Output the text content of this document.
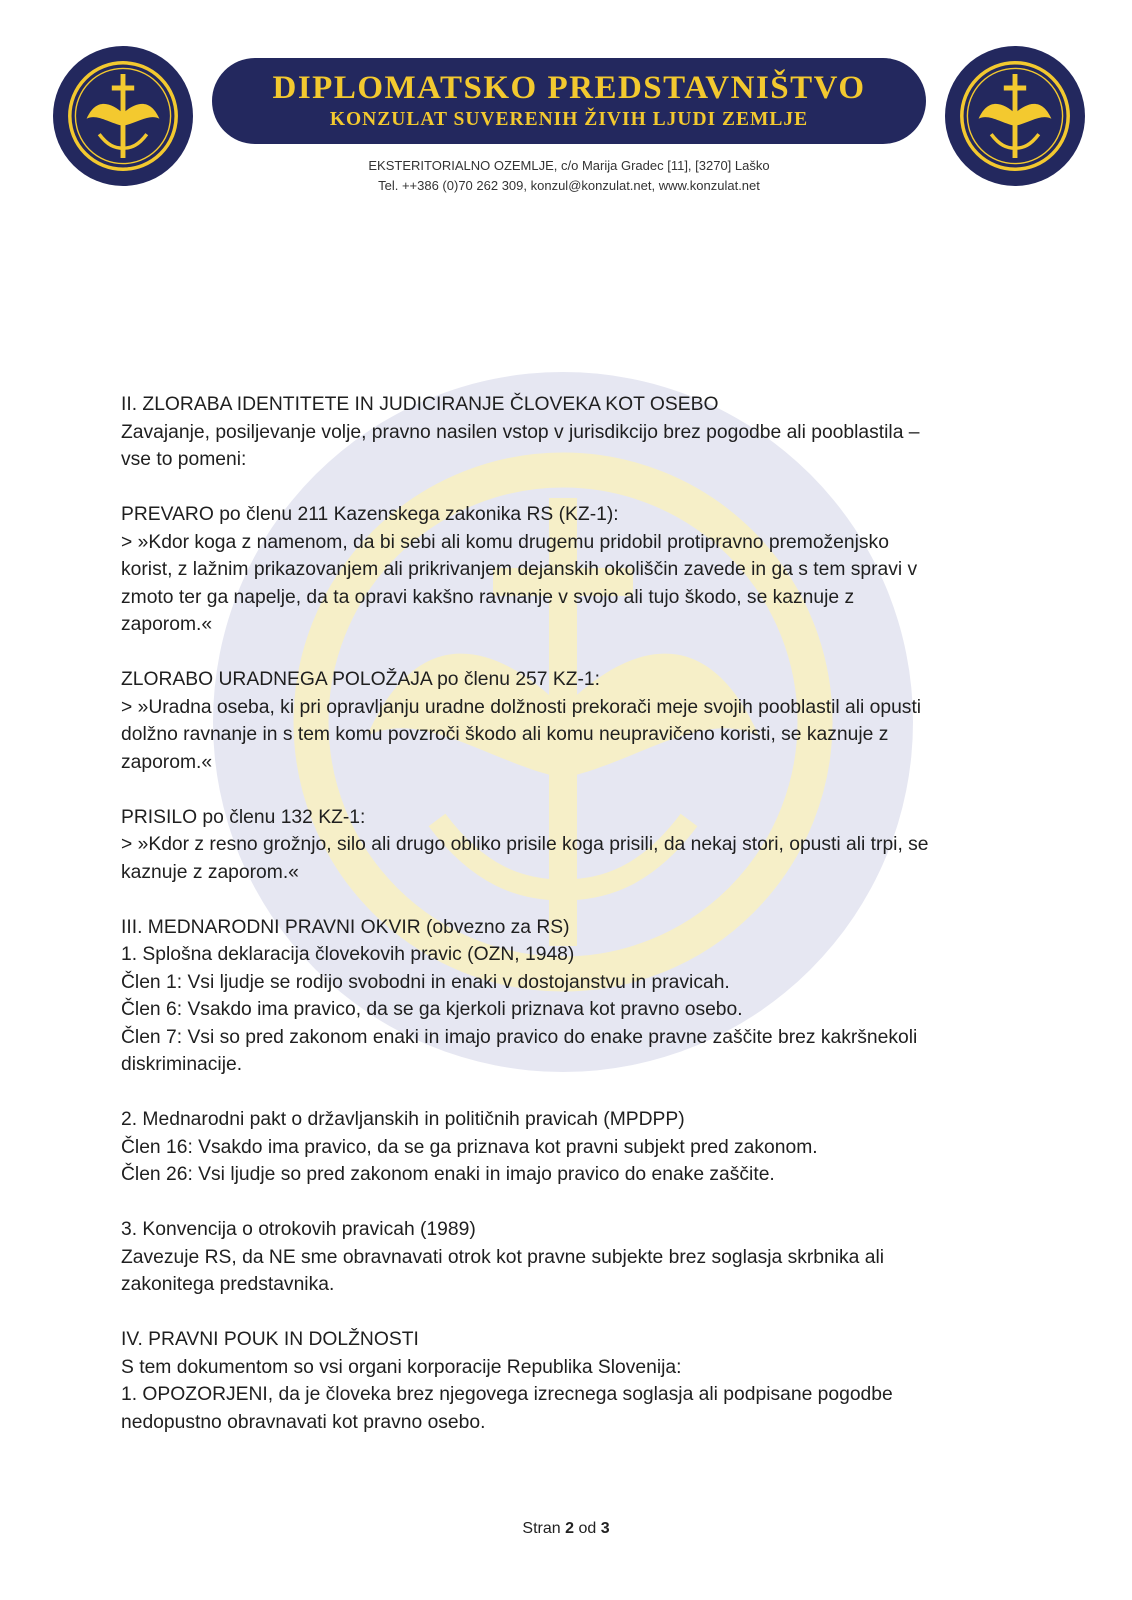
DIPLOMATSKO PREDSTAVNIŠTVO
KONZULAT SUVERENIH ŽIVIH LJUDI ZEMLJE
EKSTERITORIALNO OZEMLJE, c/o Marija Gradec [11], [3270] Laško
Tel. ++386 (0)70 262 309, konzul@konzulat.net, www.konzulat.net

II. ZLORABA IDENTITETE IN JUDICIRANJE ČLOVEKA KOT OSEBO

Zavajanje, posiljevanje volje, pravno nasilen vstop v jurisdikcijo brez pogodbe ali pooblastila –

vse to pomeni:

PREVARO po členu 211 Kazenskega zakonika RS (KZ-1):

> »Kdor koga z namenom, da bi sebi ali komu drugemu pridobil protipravno premoženjsko

korist, z lažnim prikazovanjem ali prikrivanjem dejanskih okoliščin zavede in ga s tem spravi v

zmoto ter ga napelje, da ta opravi kakšno ravnanje v svojo ali tujo škodo, se kaznuje z

zaporom.«

ZLORABO URADNEGA POLOŽAJA po členu 257 KZ-1:

> »Uradna oseba, ki pri opravljanju uradne dolžnosti prekorači meje svojih pooblastil ali opusti

dolžno ravnanje in s tem komu povzroči škodo ali komu neupravičeno koristi, se kaznuje z

zaporom.«

PRISILO po členu 132 KZ-1:

> »Kdor z resno grožnjo, silo ali drugo obliko prisile koga prisili, da nekaj stori, opusti ali trpi, se

kaznuje z zaporom.«

III. MEDNARODNI PRAVNI OKVIR (obvezno za RS)

1. Splošna deklaracija človekovih pravic (OZN, 1948)

Člen 1: Vsi ljudje se rodijo svobodni in enaki v dostojanstvu in pravicah.

Člen 6: Vsakdo ima pravico, da se ga kjerkoli priznava kot pravno osebo.

Člen 7: Vsi so pred zakonom enaki in imajo pravico do enake pravne zaščite brez kakršnekoli

diskriminacije.

2. Mednarodni pakt o državljanskih in političnih pravicah (MPDPP)

Člen 16: Vsakdo ima pravico, da se ga priznava kot pravni subjekt pred zakonom.

Člen 26: Vsi ljudje so pred zakonom enaki in imajo pravico do enake zaščite.

3. Konvencija o otrokovih pravicah (1989)

Zavezuje RS, da NE sme obravnavati otrok kot pravne subjekte brez soglasja skrbnika ali

zakonitega predstavnika.

IV. PRAVNI POUK IN DOLŽNOSTI

S tem dokumentom so vsi organi korporacije Republika Slovenija:

1. OPOZORJENI, da je človeka brez njegovega izrecnega soglasja ali podpisane pogodbe

nedopustno obravnavati kot pravno osebo.

Stran 2 od 3
